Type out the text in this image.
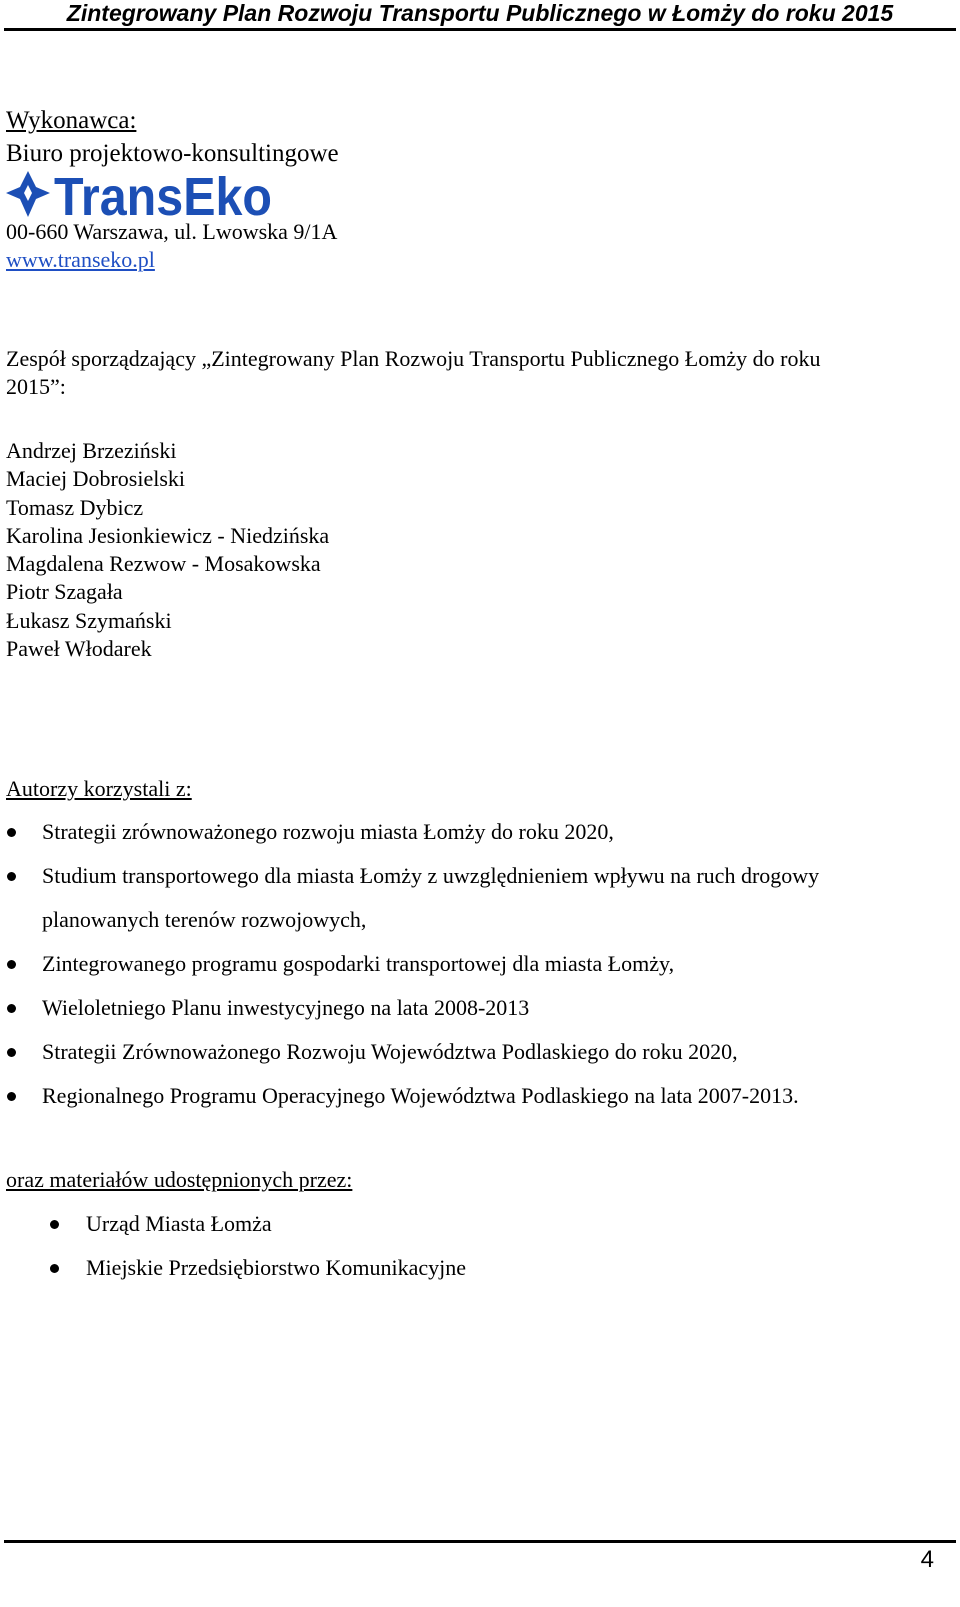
Zintegrowany Plan Rozwoju Transportu Publicznego w Łomży do roku 2015
Wykonawca:
Biuro projektowo-konsultingowe
TransEko
00-660 Warszawa, ul. Lwowska 9/1A
www.transeko.pl
Zespół sporządzający „Zintegrowany Plan Rozwoju Transportu Publicznego Łomży do roku
2015”:
Andrzej Brzeziński
Maciej Dobrosielski
Tomasz Dybicz
Karolina Jesionkiewicz - Niedzińska
Magdalena Rezwow - Mosakowska
Piotr Szagała
Łukasz Szymański
Paweł Włodarek
Autorzy korzystali z:
Strategii zrównoważonego rozwoju miasta Łomży do roku 2020,
Studium transportowego dla miasta Łomży z uwzględnieniem wpływu na ruch drogowy
planowanych terenów rozwojowych,
Zintegrowanego programu gospodarki transportowej dla miasta Łomży,
Wieloletniego Planu inwestycyjnego na lata 2008-2013
Strategii Zrównoważonego Rozwoju Województwa Podlaskiego do roku 2020,
Regionalnego Programu Operacyjnego Województwa Podlaskiego na lata 2007-2013.
oraz materiałów udostępnionych przez:
Urząd Miasta Łomża
Miejskie Przedsiębiorstwo Komunikacyjne
4
